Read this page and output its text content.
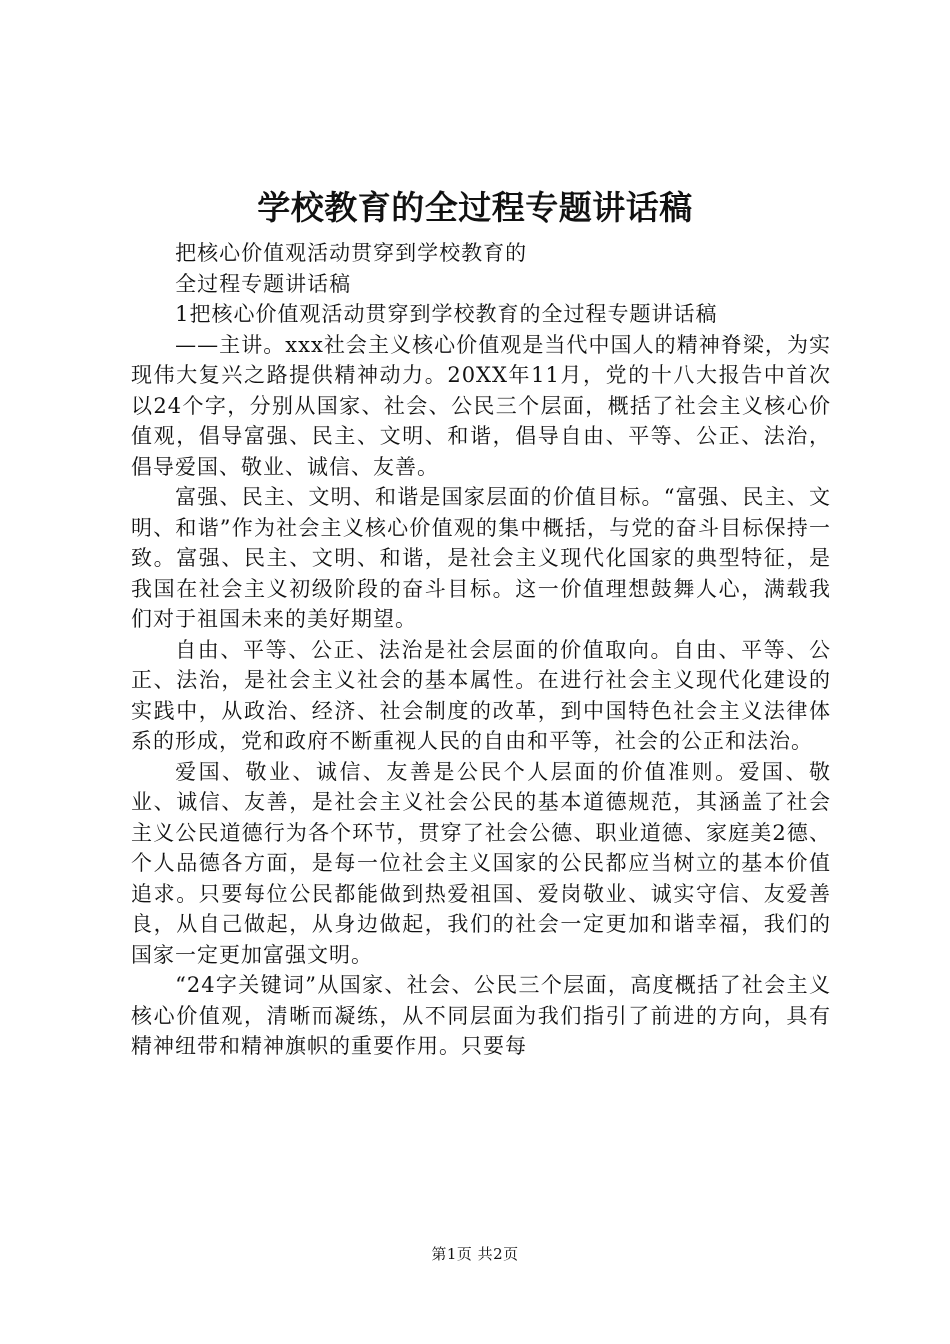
学校教育的全过程专题讲话稿

把核心价值观活动贯穿到学校教育的

全过程专题讲话稿

1把核心价值观活动贯穿到学校教育的全过程专题讲话稿

——主讲。xxx社会主义核心价值观是当代中国人的精神脊梁，为实现伟大复兴之路提供精神动力。20XX年11月，党的十八大报告中首次以24个字，分别从国家、社会、公民三个层面，概括了社会主义核心价值观，倡导富强、民主、文明、和谐，倡导自由、平等、公正、法治，倡导爱国、敬业、诚信、友善。

富强、民主、文明、和谐是国家层面的价值目标。“富强、民主、文明、和谐”作为社会主义核心价值观的集中概括，与党的奋斗目标保持一致。富强、民主、文明、和谐，是社会主义现代化国家的典型特征，是我国在社会主义初级阶段的奋斗目标。这一价值理想鼓舞人心，满载我们对于祖国未来的美好期望。

自由、平等、公正、法治是社会层面的价值取向。自由、平等、公正、法治，是社会主义社会的基本属性。在进行社会主义现代化建设的实践中，从政治、经济、社会制度的改革，到中国特色社会主义法律体系的形成，党和政府不断重视人民的自由和平等，社会的公正和法治。

爱国、敬业、诚信、友善是公民个人层面的价值准则。爱国、敬业、诚信、友善，是社会主义社会公民的基本道德规范，其涵盖了社会主义公民道德行为各个环节，贯穿了社会公德、职业道德、家庭美2德、个人品德各方面，是每一位社会主义国家的公民都应当树立的基本价值追求。只要每位公民都能做到热爱祖国、爱岗敬业、诚实守信、友爱善良，从自己做起，从身边做起，我们的社会一定更加和谐幸福，我们的国家一定更加富强文明。

“24字关键词”从国家、社会、公民三个层面，高度概括了社会主义核心价值观，清晰而凝练，从不同层面为我们指引了前进的方向，具有精神纽带和精神旗帜的重要作用。只要每

第1页 共2页
